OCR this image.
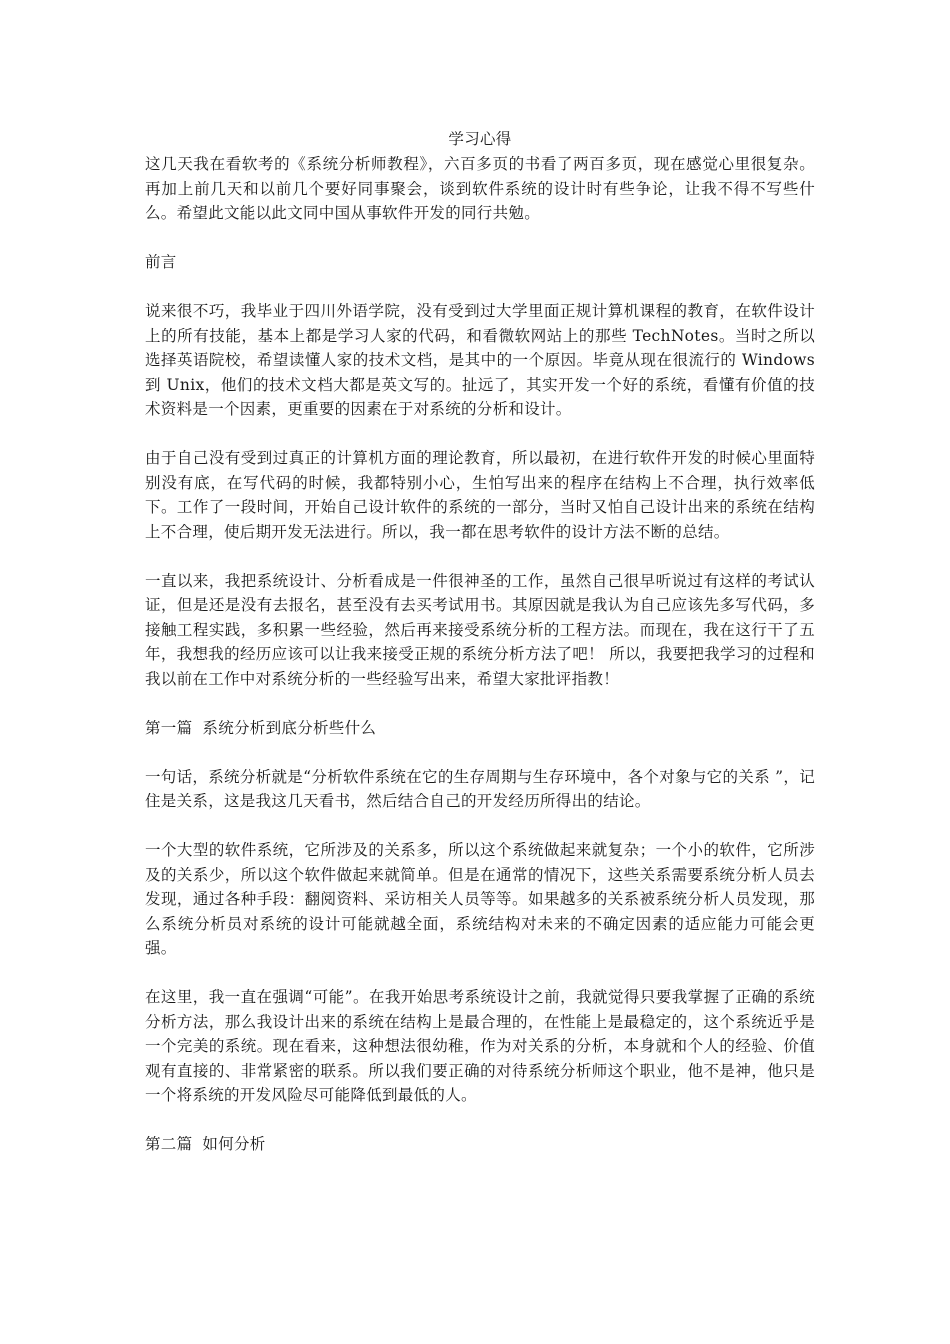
学习心得

这几天我在看软考的《系统分析师教程》，六百多页的书看了两百多页，现在感觉心里很复杂。再加上前几天和以前几个要好同事聚会，谈到软件系统的设计时有些争论，让我不得不写些什么。希望此文能以此文同中国从事软件开发的同行共勉。

前言

说来很不巧，我毕业于四川外语学院，没有受到过大学里面正规计算机课程的教育，在软件设计上的所有技能，基本上都是学习人家的代码，和看微软网站上的那些 TechNotes。当时之所以选择英语院校，希望读懂人家的技术文档，是其中的一个原因。毕竟从现在很流行的 Windows 到 Unix，他们的技术文档大都是英文写的。扯远了，其实开发一个好的系统，看懂有价值的技术资料是一个因素，更重要的因素在于对系统的分析和设计。

由于自己没有受到过真正的计算机方面的理论教育，所以最初，在进行软件开发的时候心里面特别没有底，在写代码的时候，我都特别小心，生怕写出来的程序在结构上不合理，执行效率低下。工作了一段时间，开始自己设计软件的系统的一部分，当时又怕自己设计出来的系统在结构上不合理，使后期开发无法进行。所以，我一都在思考软件的设计方法不断的总结。

一直以来，我把系统设计、分析看成是一件很神圣的工作，虽然自己很早听说过有这样的考试认证，但是还是没有去报名，甚至没有去买考试用书。其原因就是我认为自己应该先多写代码，多接触工程实践，多积累一些经验，然后再来接受系统分析的工程方法。而现在，我在这行干了五年，我想我的经历应该可以让我来接受正规的系统分析方法了吧！ 所以，我要把我学习的过程和我以前在工作中对系统分析的一些经验写出来，希望大家批评指教！

第一篇 系统分析到底分析些什么

一句话，系统分析就是“分析软件系统在它的生存周期与生存环境中，各个对象与它的关系 ”，记住是关系，这是我这几天看书，然后结合自己的开发经历所得出的结论。

一个大型的软件系统，它所涉及的关系多，所以这个系统做起来就复杂；一个小的软件，它所涉及的关系少，所以这个软件做起来就简单。但是在通常的情况下，这些关系需要系统分析人员去发现，通过各种手段：翻阅资料、采访相关人员等等。如果越多的关系被系统分析人员发现，那么系统分析员对系统的设计可能就越全面，系统结构对未来的不确定因素的适应能力可能会更强。

在这里，我一直在强调“可能”。在我开始思考系统设计之前，我就觉得只要我掌握了正确的系统分析方法，那么我设计出来的系统在结构上是最合理的，在性能上是最稳定的，这个系统近乎是一个完美的系统。现在看来，这种想法很幼稚，作为对关系的分析，本身就和个人的经验、价值观有直接的、非常紧密的联系。所以我们要正确的对待系统分析师这个职业，他不是神，他只是一个将系统的开发风险尽可能降低到最低的人。

第二篇 如何分析
